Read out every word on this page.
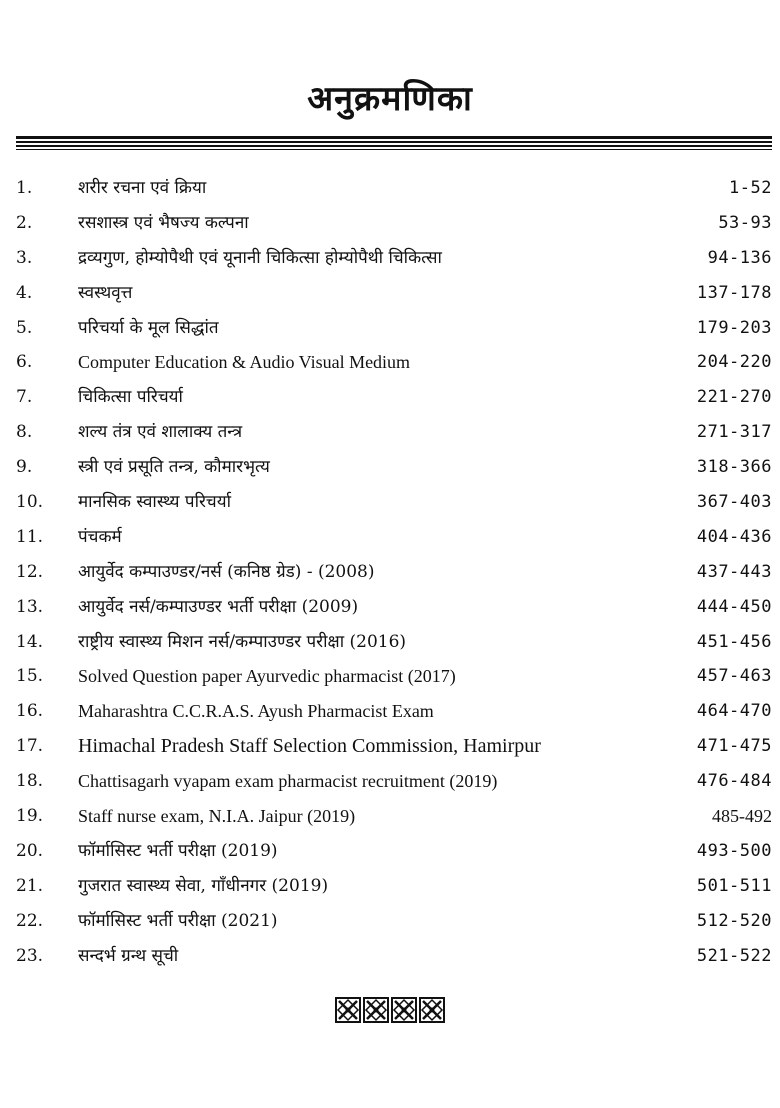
अनुक्रमणिका
1.	शरीर रचना एवं क्रिया	1-52
2.	रसशास्त्र एवं भैषज्य कल्पना	53-93
3.	द्रव्यगुण, होम्योपैथी एवं यूनानी चिकित्सा होम्योपैथी चिकित्सा	94-136
4.	स्वस्थवृत्त	137-178
5.	परिचर्या के मूल सिद्धांत	179-203
6.	Computer Education & Audio Visual Medium	204-220
7.	चिकित्सा परिचर्या	221-270
8.	शल्य तंत्र एवं शालाक्य तन्त्र	271-317
9.	स्त्री एवं प्रसूति तन्त्र, कौमारभृत्य	318-366
10.	मानसिक स्वास्थ्य परिचर्या	367-403
11.	पंचकर्म	404-436
12.	आयुर्वेद कम्पाउण्डर/नर्स (कनिष्ठ ग्रेड) - (2008)	437-443
13.	आयुर्वेद नर्स/कम्पाउण्डर भर्ती परीक्षा (2009)	444-450
14.	राष्ट्रीय स्वास्थ्य मिशन नर्स/कम्पाउण्डर परीक्षा (2016)	451-456
15.	Solved Question paper Ayurvedic pharmacist (2017)	457-463
16.	Maharashtra C.C.R.A.S. Ayush Pharmacist Exam	464-470
17.	Himachal Pradesh Staff Selection Commission, Hamirpur	471-475
18.	Chattisagarh vyapam exam pharmacist recruitment (2019)	476-484
19.	Staff nurse exam, N.I.A. Jaipur (2019)	485-492
20.	फॉर्मासिस्ट भर्ती परीक्षा (2019)	493-500
21.	गुजरात स्वास्थ्य सेवा, गाँधीनगर (2019)	501-511
22.	फॉर्मासिस्ट भर्ती परीक्षा (2021)	512-520
23.	सन्दर्भ ग्रन्थ सूची	521-522
